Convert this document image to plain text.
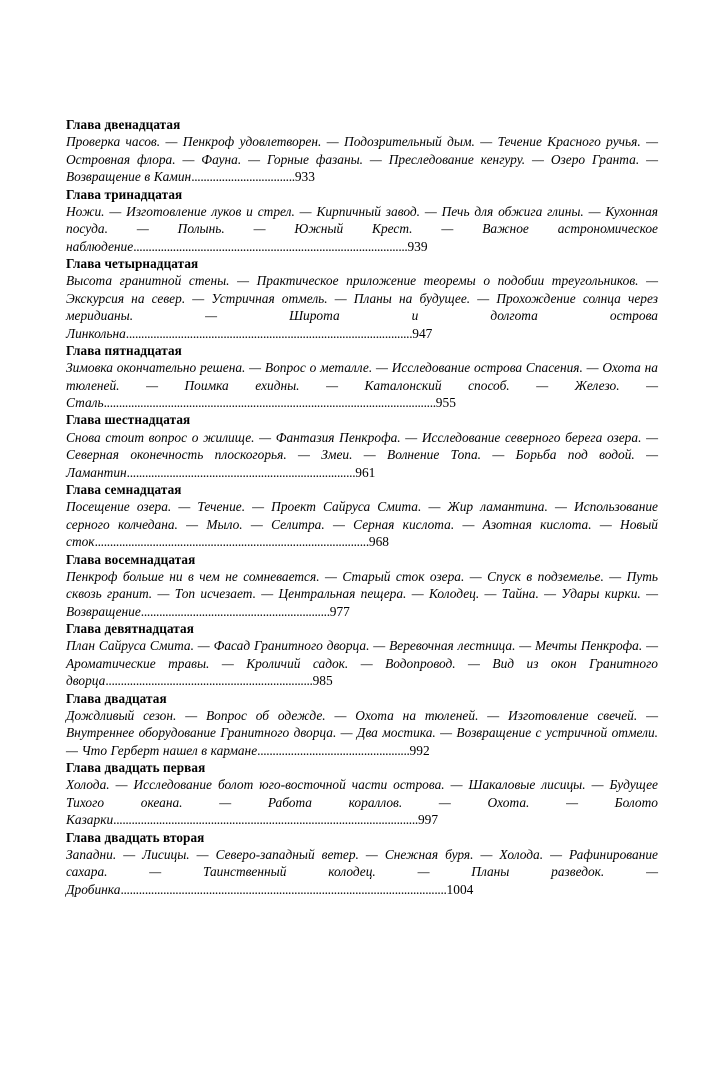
Глава двенадцатая
Проверка часов. — Пенкроф удовлетворен. — Подозрительный дым. — Течение Красного ручья. — Островная флора. — Фауна. — Горные фазаны. — Преследование кенгуру. — Озеро Гранта. — Возвращение в Камин..................................933
Глава тринадцатая
Ножи. — Изготовление луков и стрел. — Кирпичный завод. — Печь для обжига глины. — Кухонная посуда. — Полынь. — Южный Крест. — Важное астрономическое наблюдение..........................................................................................939
Глава четырнадцатая
Высота гранитной стены. — Практическое приложение теоремы о подобии треугольников. — Экскурсия на север. — Устричная отмель. — Планы на будущее. — Прохождение солнца через меридианы. — Широта и долгота острова Линкольна..............................................................................................947
Глава пятнадцатая
Зимовка окончательно решена. — Вопрос о металле. — Исследование острова Спасения. — Охота на тюленей. — Поимка ехидны. — Каталонский способ. — Железо. — Сталь.............................................................................................................955
Глава шестнадцатая
Снова стоит вопрос о жилище. — Фантазия Пенкрофа. — Исследование северного берега озера. — Северная оконечность плоскогорья. — Змеи. — Волнение Топа. — Борьба под водой. — Ламантин...........................................................................961
Глава семнадцатая
Посещение озера. — Течение. — Проект Сайруса Смита. — Жир ламантина. — Использование серного колчедана. — Мыло. — Селитра. — Серная кислота. — Азотная кислота. — Новый сток..........................................................................................968
Глава восемнадцатая
Пенкроф больше ни в чем не сомневается. — Старый сток озера. — Спуск в подземелье. — Путь сквозь гранит. — Топ исчезает. — Центральная пещера. — Колодец. — Тайна. — Удары кирки. — Возвращение..............................................................977
Глава девятнадцатая
План Сайруса Смита. — Фасад Гранитного дворца. — Веревочная лестница. — Мечты Пенкрофа. — Ароматические травы. — Кроличий садок. — Водопровод. — Вид из окон Гранитного дворца....................................................................985
Глава двадцатая
Дождливый сезон. — Вопрос об одежде. — Охота на тюленей. — Изготовление свечей. — Внутреннее оборудование Гранитного дворца. — Два мостика. — Возвращение с устричной отмели. — Что Герберт нашел в кармане..................................................992
Глава двадцать первая
Холода. — Исследование болот юго-восточной части острова. — Шакаловые лисицы. — Будущее Тихого океана. — Работа кораллов. — Охота. — Болото Казарки....................................................................................................997
Глава двадцать вторая
Западни. — Лисицы. — Северо-западный ветер. — Снежная буря. — Холода. — Рафинирование сахара. — Таинственный колодец. — Планы разведок. — Дробинка...........................................................................................................1004
